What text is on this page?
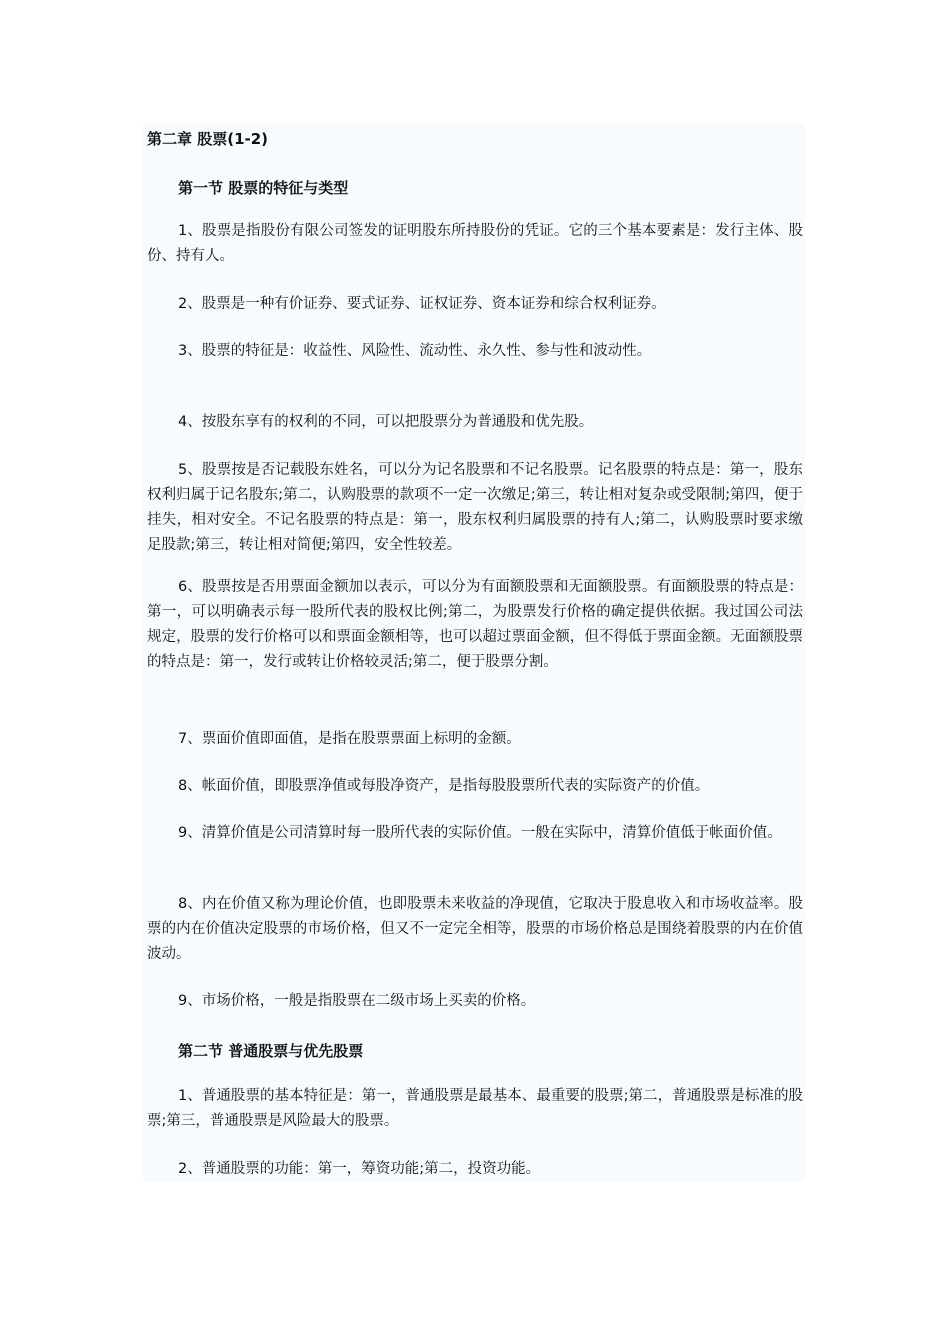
第二章 股票(1-2)
第一节 股票的特征与类型

1、股票是指股份有限公司签发的证明股东所持股份的凭证。它的三个基本要素是：发行主体、股份、持有人。

2、股票是一种有价证券、要式证券、证权证券、资本证券和综合权利证券。

3、股票的特征是：收益性、风险性、流动性、永久性、参与性和波动性。

4、按股东享有的权利的不同，可以把股票分为普通股和优先股。

5、股票按是否记载股东姓名，可以分为记名股票和不记名股票。记名股票的特点是：第一，股东权利归属于记名股东;第二，认购股票的款项不一定一次缴足;第三，转让相对复杂或受限制;第四，便于挂失，相对安全。不记名股票的特点是：第一，股东权利归属股票的持有人;第二，认购股票时要求缴足股款;第三，转让相对简便;第四，安全性较差。

6、股票按是否用票面金额加以表示，可以分为有面额股票和无面额股票。有面额股票的特点是：第一，可以明确表示每一股所代表的股权比例;第二，为股票发行价格的确定提供依据。我过国公司法规定，股票的发行价格可以和票面金额相等，也可以超过票面金额，但不得低于票面金额。无面额股票的特点是：第一，发行或转让价格较灵活;第二，便于股票分割。

7、票面价值即面值，是指在股票票面上标明的金额。

8、帐面价值，即股票净值或每股净资产，是指每股股票所代表的实际资产的价值。

9、清算价值是公司清算时每一股所代表的实际价值。一般在实际中，清算价值低于帐面价值。

8、内在价值又称为理论价值，也即股票未来收益的净现值，它取决于股息收入和市场收益率。股票的内在价值决定股票的市场价格，但又不一定完全相等，股票的市场价格总是围绕着股票的内在价值波动。

9、市场价格，一般是指股票在二级市场上买卖的价格。

第二节 普通股票与优先股票

1、普通股票的基本特征是：第一，普通股票是最基本、最重要的股票;第二，普通股票是标准的股票;第三，普通股票是风险最大的股票。

2、普通股票的功能：第一，筹资功能;第二，投资功能。
